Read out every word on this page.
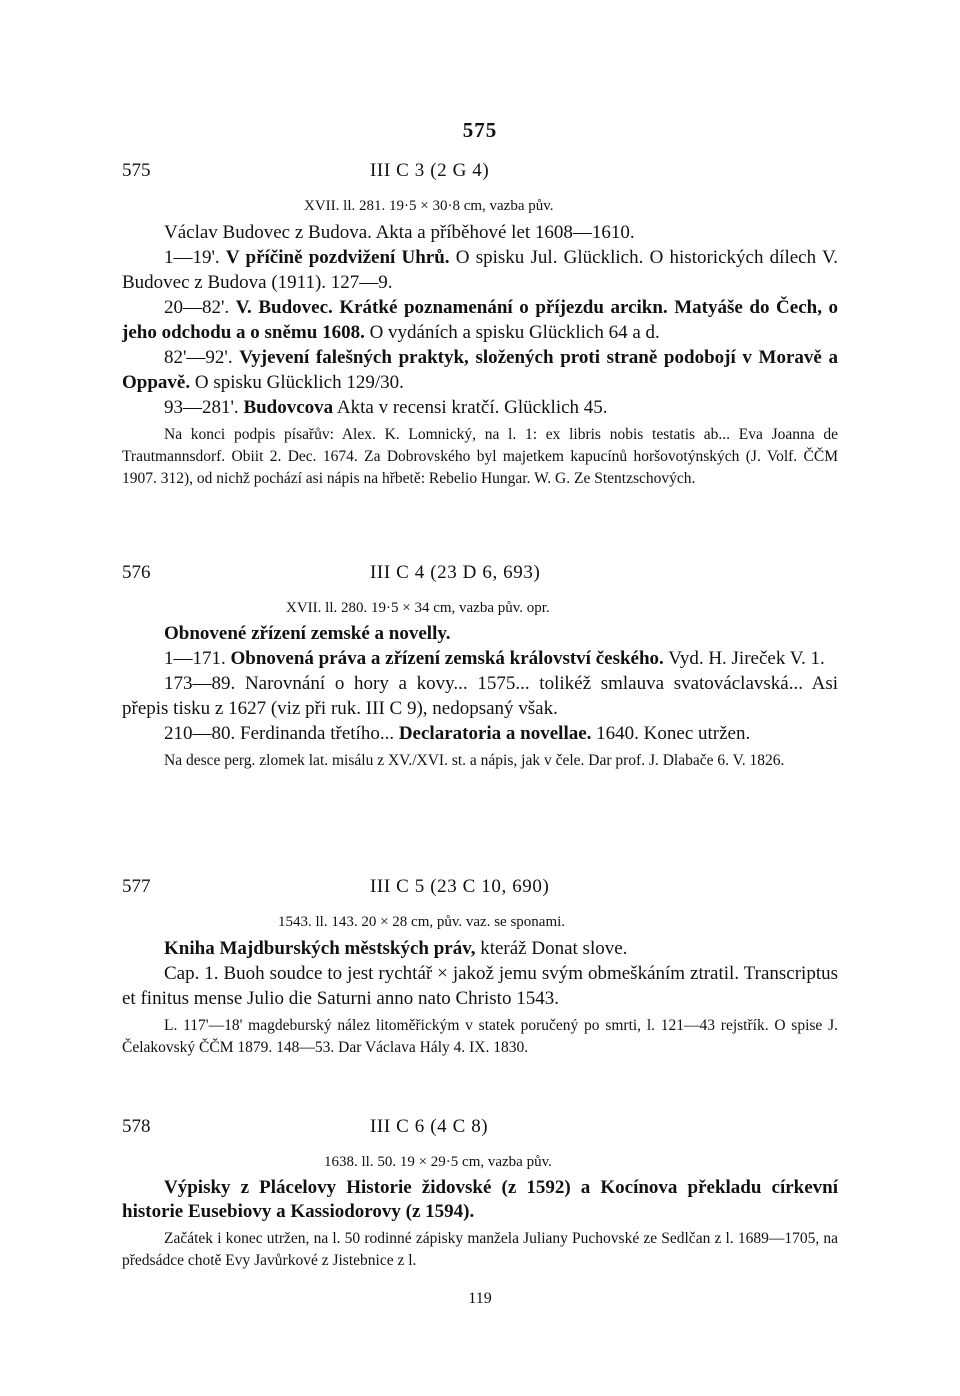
575
575	III C 3 (2 G 4)
XVII. ll. 281. 19·5 × 30·8 cm, vazba pův.
Václav Budovec z Budova. Akta a příběhové let 1608—1610.

1—19'. V příčině pozdvižení Uhrů. O spisku Jul. Glücklich. O historických dílech V. Budovec z Budova (1911). 127—9.

20—82'. V. Budovec. Krátké poznamenání o příjezdu arcikn. Matyáše do Čech, o jeho odchodu a o sněmu 1608. O vydáních a spisku Glücklich 64 a d.

82'—92'. Vyjevení falešných praktyk, složených proti straně podobojí v Moravě a Oppavě. O spisku Glücklich 129/30.

93—281'. Budovcova Akta v recensi kratčí. Glücklich 45.

Na konci podpis písařův: Alex. K. Lomnický, na l. 1: ex libris nobis testatis ab... Eva Joanna de Trautmannsdorf. Obiit 2. Dec. 1674. Za Dobrovského byl majetkem kapucínů horšovotýnských (J. Volf. ČČM 1907. 312), od nichž pochází asi nápis na hřbetě: Rebelio Hungar. W. G. Ze Stentzschových.

576	III C 4 (23 D 6, 693)
XVII. ll. 280. 19·5 × 34 cm, vazba pův. opr.
Obnovené zřízení zemské a novelly.

1—171. Obnovená práva a zřízení zemská království českého. Vyd. H. Jireček V. 1.

173—89. Narovnání o hory a kovy... 1575... tolikéž smlauva svatováclavská... Asi přepis tisku z 1627 (viz při ruk. III C 9), nedopsaný však.

210—80. Ferdinanda třetího... Declaratoria a novellae. 1640. Konec utržen.

Na desce perg. zlomek lat. misálu z XV./XVI. st. a nápis, jak v čele. Dar prof. J. Dlabače 6. V. 1826.

577	III C 5 (23 C 10, 690)
1543. ll. 143. 20 × 28 cm, pův. vaz. se sponami.
Kniha Majdburských městských práv, kteráž Donat slove.

Cap. 1. Buoh soudce to jest rychtář × jakož jemu svým obmeškáním ztratil. Transcriptus et finitus mense Julio die Saturni anno nato Christo 1543.

L. 117'—18' magdeburský nález litoměřickým v statek poručený po smrti, l. 121—43 rejstřík. O spise J. Čelakovský ČČM 1879. 148—53. Dar Václava Hály 4. IX. 1830.

578	III C 6 (4 C 8)
1638. ll. 50. 19 × 29·5 cm, vazba pův.
Výpisky z Plácelovy Historie židovské (z 1592) a Kocínova překladu církevní historie Eusebiovy a Kassiodorovy (z 1594).

Začátek i konec utržen, na l. 50 rodinné zápisky manžela Juliany Puchovské ze Sedlčan z l. 1689—1705, na předsádce chotě Evy Javůrkové z Jistebnice z l.

119
